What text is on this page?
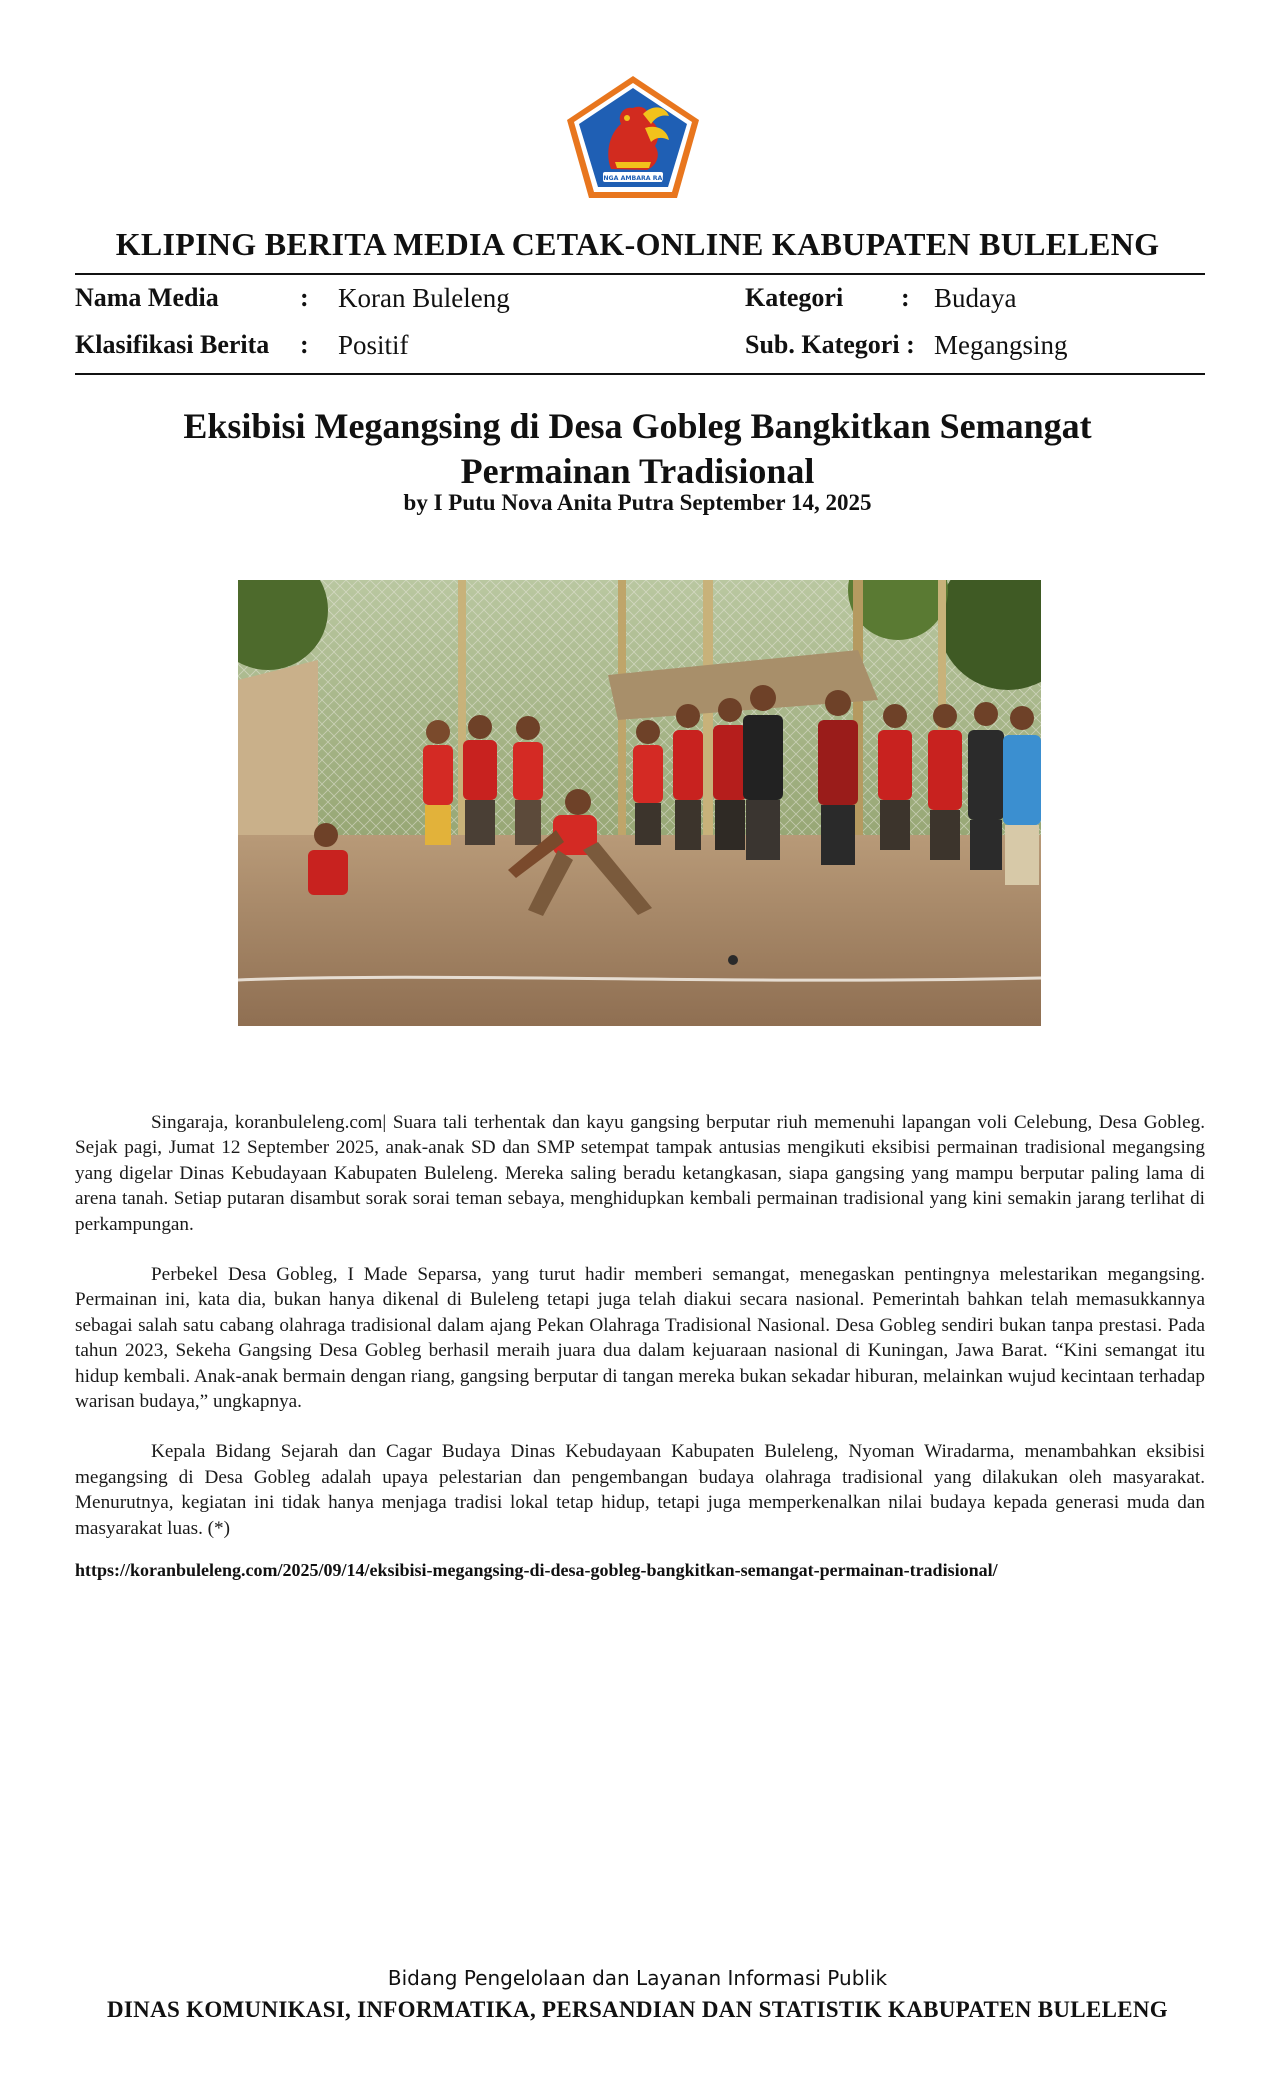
SINGA AMBARA RAJA
KLIPING BERITA MEDIA CETAK-ONLINE KABUPATEN BULELENG
Nama Media	: Koran Buleleng	Kategori : Budaya
Klasifikasi Berita : Positif	Sub. Kategori : Megangsing
Eksibisi Megangsing di Desa Gobleg Bangkitkan Semangat
Permainan Tradisional
by I Putu Nova Anita Putra September 14, 2025

Singaraja, koranbuleleng.com| Suara tali terhentak dan kayu gangsing berputar riuh memenuhi lapangan voli Celebung, Desa Gobleg. Sejak pagi, Jumat 12 September 2025, anak-anak SD dan SMP setempat tampak antusias mengikuti eksibisi permainan tradisional megangsing yang digelar Dinas Kebudayaan Kabupaten Buleleng. Mereka saling beradu ketangkasan, siapa gangsing yang mampu berputar paling lama di arena tanah. Setiap putaran disambut sorak sorai teman sebaya, menghidupkan kembali permainan tradisional yang kini semakin jarang terlihat di perkampungan.

Perbekel Desa Gobleg, I Made Separsa, yang turut hadir memberi semangat, menegaskan pentingnya melestarikan megangsing. Permainan ini, kata dia, bukan hanya dikenal di Buleleng tetapi juga telah diakui secara nasional. Pemerintah bahkan telah memasukkannya sebagai salah satu cabang olahraga tradisional dalam ajang Pekan Olahraga Tradisional Nasional. Desa Gobleg sendiri bukan tanpa prestasi. Pada tahun 2023, Sekeha Gangsing Desa Gobleg berhasil meraih juara dua dalam kejuaraan nasional di Kuningan, Jawa Barat. “Kini semangat itu hidup kembali. Anak-anak bermain dengan riang, gangsing berputar di tangan mereka bukan sekadar hiburan, melainkan wujud kecintaan terhadap warisan budaya,” ungkapnya.

Kepala Bidang Sejarah dan Cagar Budaya Dinas Kebudayaan Kabupaten Buleleng, Nyoman Wiradarma, menambahkan eksibisi megangsing di Desa Gobleg adalah upaya pelestarian dan pengembangan budaya olahraga tradisional yang dilakukan oleh masyarakat. Menurutnya, kegiatan ini tidak hanya menjaga tradisi lokal tetap hidup, tetapi juga memperkenalkan nilai budaya kepada generasi muda dan masyarakat luas. (*)

https://koranbuleleng.com/2025/09/14/eksibisi-megangsing-di-desa-gobleg-bangkitkan-semangat-permainan-tradisional/
Bidang Pengelolaan dan Layanan Informasi Publik
DINAS KOMUNIKASI, INFORMATIKA, PERSANDIAN DAN STATISTIK KABUPATEN BULELENG
